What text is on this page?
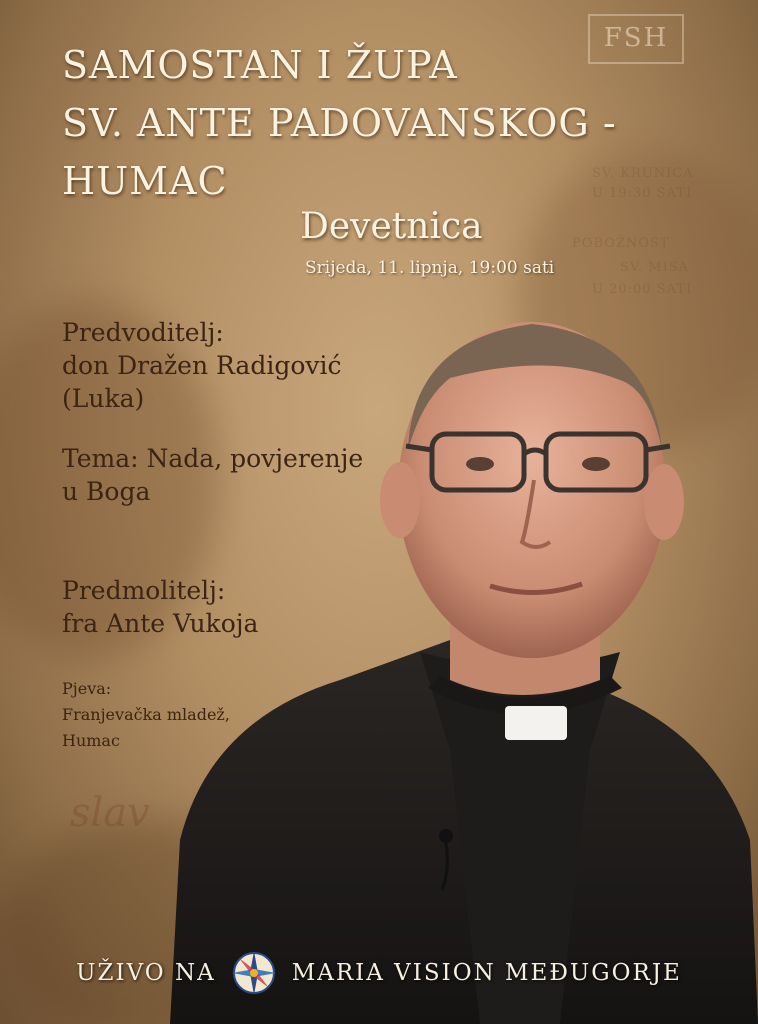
FSH
SV. KRUNICA
U 19:30 SATI
POBOŽNOST
SV. MISA
U 20:00 SATI
slav
SAMOSTAN I ŽUPA
SV. ANTE PADOVANSKOG -
HUMAC
Devetnica
Srijeda, 11. lipnja, 19:00 sati
Predvoditelj:
don Dražen Radigović
(Luka)
Tema: Nada, povjerenje
u Boga
Predmolitelj:
fra Ante Vukoja
Pjeva:
Franjevačka mladež,
Humac
UŽIVO NA	MARIA VISION MEĐUGORJE
